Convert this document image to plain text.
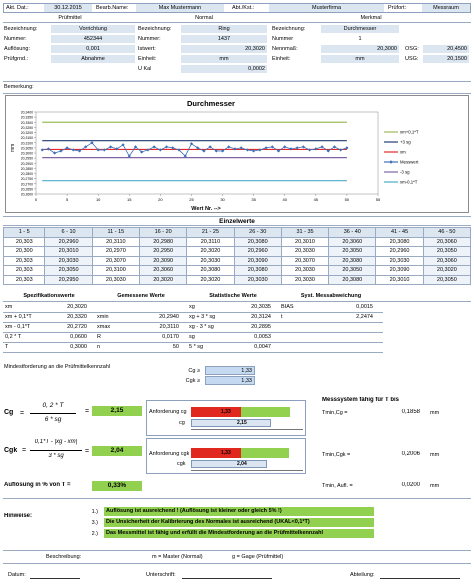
Akt. Dat.:	30.12.2015	Bearb.Name:	Max Mustermann	Abt./Kst.:	Musterfirma	Prüfort:	Messraum
Prüfmittel	Normal	Merkmal
Bezeichnung:	Vorrichtung
Nummer:	452344
Auflösung:	0,001
Prüfgrnd.:	Abnahme
Bezeichnung:	Ring
Nummer:	1437
Istwert:	20,3020
Einheit:	mm
U Kal	0,0002
Bezeichnung:	Durchmesser
Nummer	1
Nennmaß:	20,3000	OSG:	20,4500
Einheit:	mm	USG:	20,1500
Bemerkung:
Durchmesser
mm
Wert Nr. -->
20,3400
20,3350
20,3300
20,3250
20,3200
20,3150
20,3100
20,3050
20,3000
20,2950
20,2900
20,2850
20,2800
20,2750
20,2700
20,2650
20,2600
0	5	10	15	20	25	30	35	40	45	50	55
xm+0,1*T
+3 sg
xm
Messwert
-3 sg
xm-0,1*T
Einzelwerte
1 - 5	6 - 10	11 - 15	16 - 20	21 - 25	26 - 30	31 - 35	36 - 40	41 - 45	46 - 50
20,303	20,2960	20,3110	20,2980	20,3110	20,3080	20,3010	20,3060	20,3080	20,3060
20,300	20,3010	20,2970	20,2950	20,3020	20,2960	20,3030	20,3050	20,2960	20,3050
20,303	20,3030	20,3070	20,3090	20,3030	20,3090	20,3070	20,3080	20,3030	20,3060
20,303	20,3050	20,3100	20,3060	20,3080	20,3080	20,3030	20,3050	20,3090	20,3020
20,303	20,2950	20,3030	20,3020	20,3020	20,3030	20,3030	20,3080	20,3010	20,3050
Spezifikationswerte	Gemessene Werte	Statistische Werte	Syst. Messabweichung
xm	20,3020	xg	20,3035	BIAS	0,0015
xm + 0,1*T	20,3320	xmin	20,2940	xg + 3 * sg	20,3124	t	2,2474
xm - 0,1*T	20,2720	xmax	20,3110	xg - 3 * sg	20,2895
0,2 * T	0,0600	R	0,0170	sg	0,0053
T	0,3000	n	50	5 * sg	0,0047
Mindestforderung an die Prüfmittelkennzahl
Cg ≥	1,33
Cgk ≥	1,33
Cg =
0, 2 * T
6 * sg
=	2,15	Anforderung cg
cg
1,33
2,15
Cgk =
0,1*T - |x̄g - xm|
3 * sg
=	2,04	Anforderung cgk
cgk
1,33
2,04
Auflösung in % von T =	0,33%
Messsystem fähig für T bis
Tmin,Cg =	0,1858 mm
Tmin,Cgk =	0,2006 mm
Tmin, Aufl. =	0,0200 mm
Hinweise:
1.)	Auflösung ist ausreichend ! (Auflösung ist kleiner oder gleich 5% !)
3.)	Die Unsicherheit der Kalibrierung des Normales ist ausreichend (UKAL<0,1*T)
2.)	Das Messmittel ist fähig und erfüllt die Mindestforderung an die Prüfmittelkennzahl
Beschreibung:	m = Master (Normal)	g = Gage (Prüfmittel)
Datum:	Unterschrift:	Abteilung:
